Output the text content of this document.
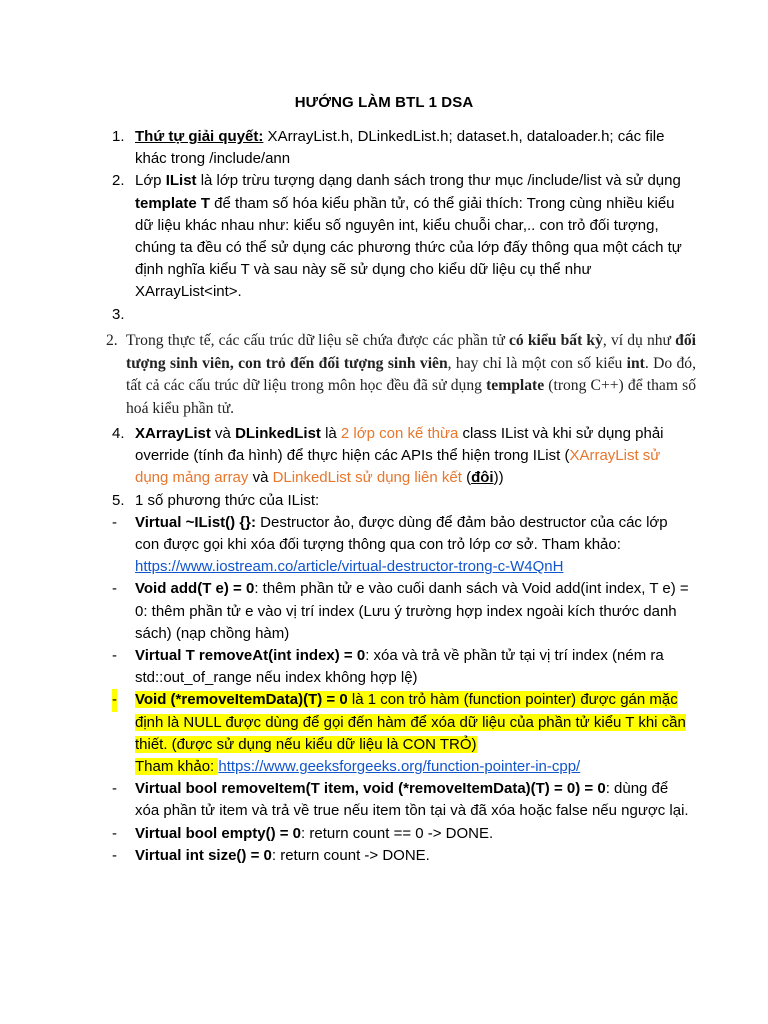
HƯỚNG LÀM BTL 1 DSA
1. Thứ tự giải quyết: XArrayList.h, DLinkedList.h; dataset.h, dataloader.h; các file khác trong /include/ann
2. Lớp IList là lớp trừu tượng dạng danh sách trong thư mục /include/list và sử dụng template T để tham số hóa kiểu phần tử, có thể giải thích: Trong cùng nhiều kiểu dữ liệu khác nhau như: kiểu số nguyên int, kiểu chuỗi char,.. con trỏ đối tượng, chúng ta đều có thể sử dụng các phương thức của lớp đấy thông qua một cách tự định nghĩa kiểu T và sau này sẽ sử dụng cho kiểu dữ liệu cụ thể như XArrayList<int>.
3.

2. Trong thực tế, các cấu trúc dữ liệu sẽ chứa được các phần tử có kiểu bất kỳ, ví dụ như đối tượng sinh viên, con trỏ đến đối tượng sinh viên, hay chỉ là một con số kiểu int. Do đó, tất cả các cấu trúc dữ liệu trong môn học đều đã sử dụng template (trong C++) để tham số hoá kiểu phần tử.
4. XArrayList và DLinkedList là 2 lớp con kế thừa class IList và khi sử dụng phải override (tính đa hình) để thực hiện các APIs thể hiện trong IList (XArrayList sử dụng mảng array và DLinkedList sử dụng liên kết (đôi))
5. 1 số phương thức của IList:
- Virtual ~IList() {}: Destructor ảo, được dùng để đảm bảo destructor của các lớp con được gọi khi xóa đối tượng thông qua con trỏ lớp cơ sở. Tham khảo: https://www.iostream.co/article/virtual-destructor-trong-c-W4QnH
- Void add(T e) = 0: thêm phần tử e vào cuối danh sách và Void add(int index, T e) = 0: thêm phần tử e vào vị trí index (Lưu ý trường hợp index ngoài kích thước danh sách) (nạp chồng hàm)
- Virtual T removeAt(int index) = 0: xóa và trả về phần tử tại vị trí index (ném ra std::out_of_range nếu index không hợp lệ)
- Void (*removeItemData)(T) = 0 là 1 con trỏ hàm (function pointer) được gán mặc định là NULL được dùng để gọi đến hàm để xóa dữ liệu của phần tử kiểu T khi cần thiết. (được sử dụng nếu kiểu dữ liệu là CON TRỎ)
Tham khảo: https://www.geeksforgeeks.org/function-pointer-in-cpp/
- Virtual bool removeItem(T item, void (*removeItemData)(T) = 0) = 0: dùng để xóa phần tử item và trả về true nếu item tồn tại và đã xóa hoặc false nếu ngược lại.
- Virtual bool empty() = 0: return count == 0 -> DONE.
- Virtual int size() = 0: return count -> DONE.
